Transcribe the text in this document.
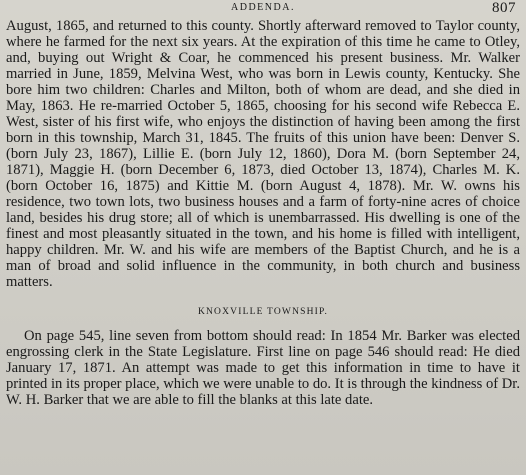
ADDENDA.	807

August, 1865, and returned to this county. Shortly afterward removed to Taylor county, where he farmed for the next six years. At the expiration of this time he came to Otley, and, buying out Wright & Coar, he commenced his present business. Mr. Walker married in June, 1859, Melvina West, who was born in Lewis county, Kentucky. She bore him two children: Charles and Milton, both of whom are dead, and she died in May, 1863. He re-married October 5, 1865, choosing for his second wife Rebecca E. West, sister of his first wife, who enjoys the distinction of having been among the first born in this township, March 31, 1845. The fruits of this union have been: Denver S. (born July 23, 1867), Lillie E. (born July 12, 1860), Dora M. (born September 24, 1871), Maggie H. (born December 6, 1873, died October 13, 1874), Charles M. K. (born October 16, 1875) and Kittie M. (born August 4, 1878). Mr. W. owns his residence, two town lots, two business houses and a farm of forty-nine acres of choice land, besides his drug store; all of which is unembarrassed. His dwelling is one of the finest and most pleasantly situated in the town, and his home is filled with intelligent, happy children. Mr. W. and his wife are members of the Baptist Church, and he is a man of broad and solid influence in the community, in both church and business matters.

KNOXVILLE TOWNSHIP.

On page 545, line seven from bottom should read: In 1854 Mr. Barker was elected engrossing clerk in the State Legislature. First line on page 546 should read: He died January 17, 1871. An attempt was made to get this information in time to have it printed in its proper place, which we were unable to do. It is through the kindness of Dr. W. H. Barker that we are able to fill the blanks at this late date.
